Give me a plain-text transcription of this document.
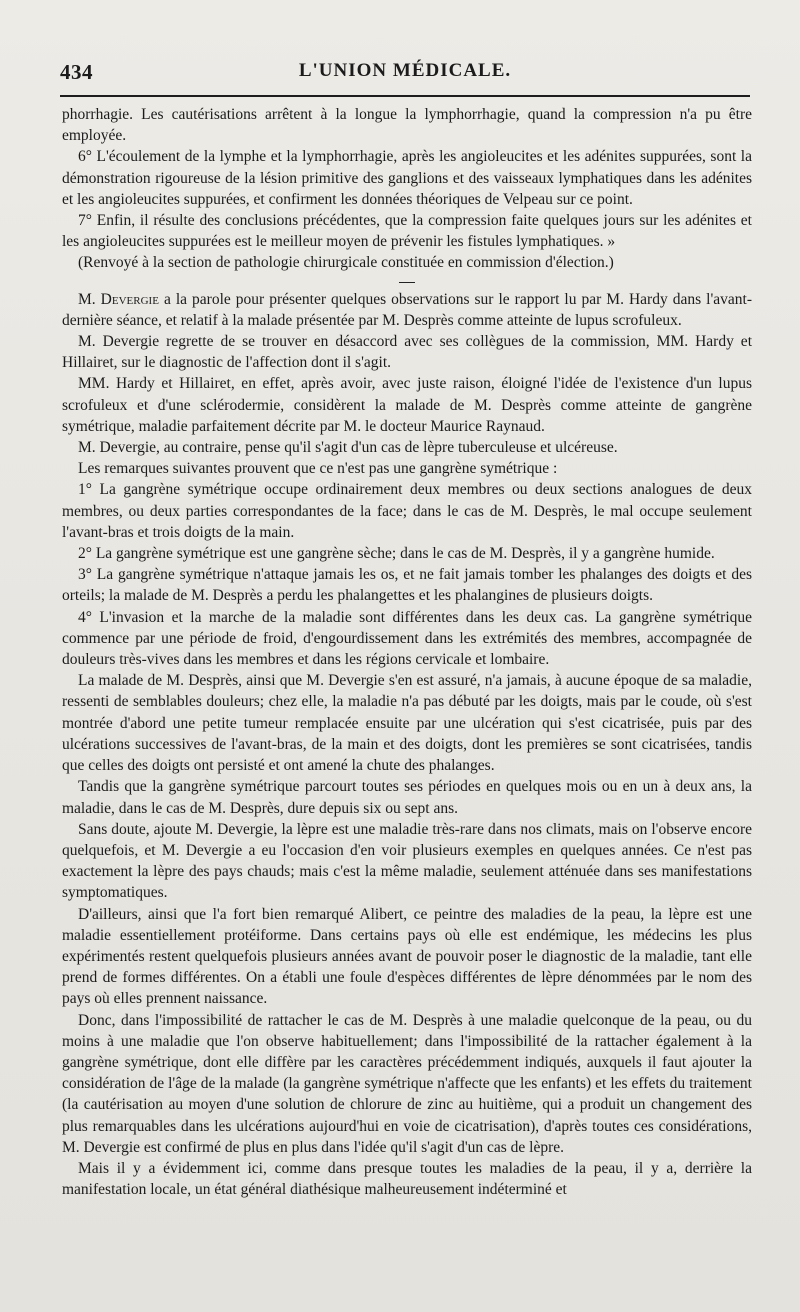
434	L'UNION MÉDICALE.

phorrhagie. Les cautérisations arrêtent à la longue la lymphorrhagie, quand la compression n'a pu être employée.

6° L'écoulement de la lymphe et la lymphorrhagie, après les angioleucites et les adénites suppurées, sont la démonstration rigoureuse de la lésion primitive des ganglions et des vaisseaux lymphatiques dans les adénites et les angioleucites suppurées, et confirment les données théoriques de Velpeau sur ce point.

7° Enfin, il résulte des conclusions précédentes, que la compression faite quelques jours sur les adénites et les angioleucites suppurées est le meilleur moyen de prévenir les fistules lymphatiques. »

(Renvoyé à la section de pathologie chirurgicale constituée en commission d'élection.)

M. Devergie a la parole pour présenter quelques observations sur le rapport lu par M. Hardy dans l'avant-dernière séance, et relatif à la malade présentée par M. Desprès comme atteinte de lupus scrofuleux.

M. Devergie regrette de se trouver en désaccord avec ses collègues de la commission, MM. Hardy et Hillairet, sur le diagnostic de l'affection dont il s'agit.

MM. Hardy et Hillairet, en effet, après avoir, avec juste raison, éloigné l'idée de l'existence d'un lupus scrofuleux et d'une sclérodermie, considèrent la malade de M. Desprès comme atteinte de gangrène symétrique, maladie parfaitement décrite par M. le docteur Maurice Raynaud.

M. Devergie, au contraire, pense qu'il s'agit d'un cas de lèpre tuberculeuse et ulcéreuse.

Les remarques suivantes prouvent que ce n'est pas une gangrène symétrique :

1° La gangrène symétrique occupe ordinairement deux membres ou deux sections analogues de deux membres, ou deux parties correspondantes de la face; dans le cas de M. Desprès, le mal occupe seulement l'avant-bras et trois doigts de la main.

2° La gangrène symétrique est une gangrène sèche; dans le cas de M. Desprès, il y a gangrène humide.

3° La gangrène symétrique n'attaque jamais les os, et ne fait jamais tomber les phalanges des doigts et des orteils; la malade de M. Desprès a perdu les phalangettes et les phalangines de plusieurs doigts.

4° L'invasion et la marche de la maladie sont différentes dans les deux cas. La gangrène symétrique commence par une période de froid, d'engourdissement dans les extrémités des membres, accompagnée de douleurs très-vives dans les membres et dans les régions cervicale et lombaire.

La malade de M. Desprès, ainsi que M. Devergie s'en est assuré, n'a jamais, à aucune époque de sa maladie, ressenti de semblables douleurs; chez elle, la maladie n'a pas débuté par les doigts, mais par le coude, où s'est montrée d'abord une petite tumeur remplacée ensuite par une ulcération qui s'est cicatrisée, puis par des ulcérations successives de l'avant-bras, de la main et des doigts, dont les premières se sont cicatrisées, tandis que celles des doigts ont persisté et ont amené la chute des phalanges.

Tandis que la gangrène symétrique parcourt toutes ses périodes en quelques mois ou en un à deux ans, la maladie, dans le cas de M. Desprès, dure depuis six ou sept ans.

Sans doute, ajoute M. Devergie, la lèpre est une maladie très-rare dans nos climats, mais on l'observe encore quelquefois, et M. Devergie a eu l'occasion d'en voir plusieurs exemples en quelques années. Ce n'est pas exactement la lèpre des pays chauds; mais c'est la même maladie, seulement atténuée dans ses manifestations symptomatiques.

D'ailleurs, ainsi que l'a fort bien remarqué Alibert, ce peintre des maladies de la peau, la lèpre est une maladie essentiellement protéiforme. Dans certains pays où elle est endémique, les médecins les plus expérimentés restent quelquefois plusieurs années avant de pouvoir poser le diagnostic de la maladie, tant elle prend de formes différentes. On a établi une foule d'espèces différentes de lèpre dénommées par le nom des pays où elles prennent naissance.

Donc, dans l'impossibilité de rattacher le cas de M. Desprès à une maladie quelconque de la peau, ou du moins à une maladie que l'on observe habituellement; dans l'impossibilité de la rattacher également à la gangrène symétrique, dont elle diffère par les caractères précédemment indiqués, auxquels il faut ajouter la considération de l'âge de la malade (la gangrène symétrique n'affecte que les enfants) et les effets du traitement (la cautérisation au moyen d'une solution de chlorure de zinc au huitième, qui a produit un changement des plus remarquables dans les ulcérations aujourd'hui en voie de cicatrisation), d'après toutes ces considérations, M. Devergie est confirmé de plus en plus dans l'idée qu'il s'agit d'un cas de lèpre.

Mais il y a évidemment ici, comme dans presque toutes les maladies de la peau, il y a, derrière la manifestation locale, un état général diathésique malheureusement indéterminé et
